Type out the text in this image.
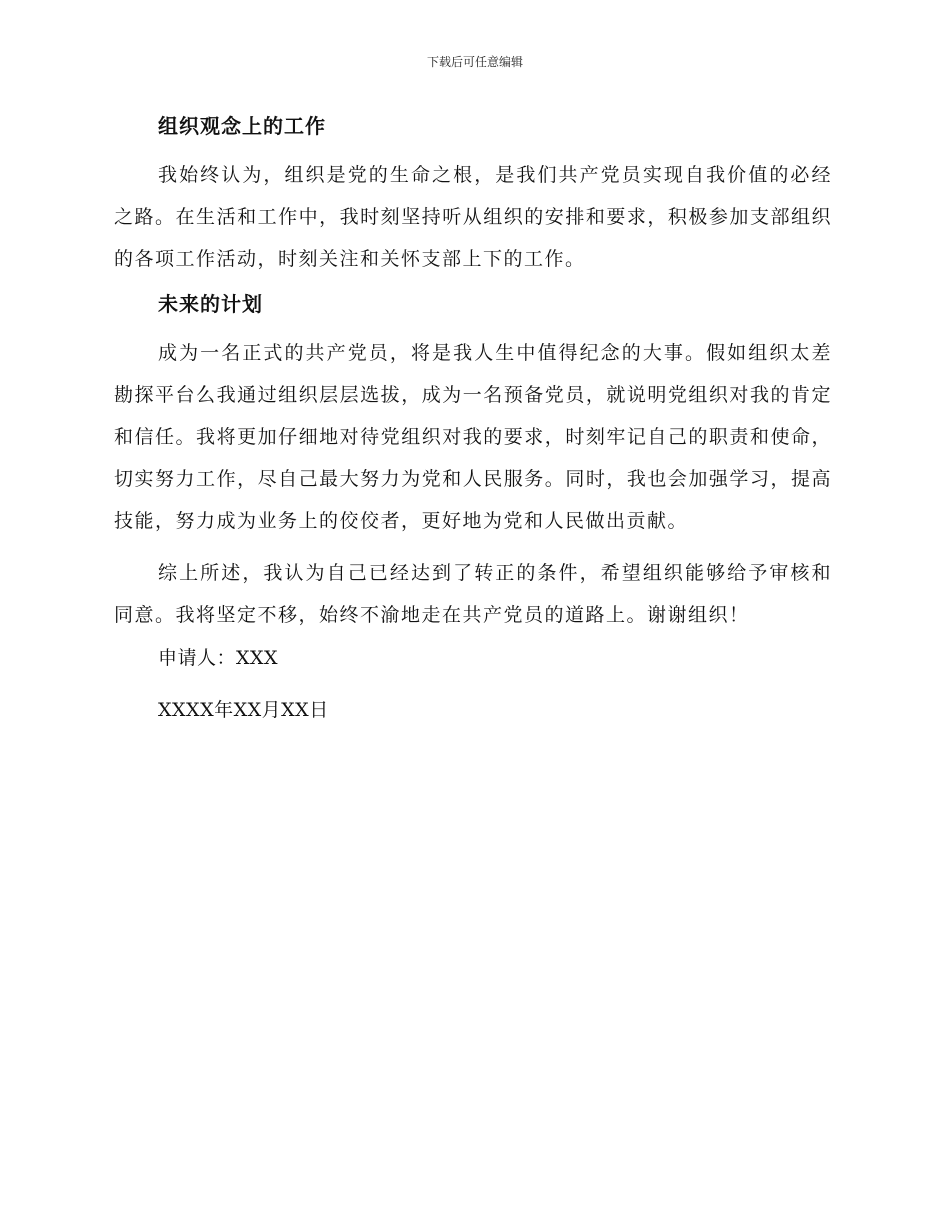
下载后可任意编辑
组织观念上的工作

我始终认为，组织是党的生命之根，是我们共产党员实现自我价值的必经之路。在生活和工作中，我时刻坚持听从组织的安排和要求，积极参加支部组织的各项工作活动，时刻关注和关怀支部上下的工作。

未来的计划

成为一名正式的共产党员，将是我人生中值得纪念的大事。假如组织太差勘探平台么我通过组织层层选拔，成为一名预备党员，就说明党组织对我的肯定和信任。我将更加仔细地对待党组织对我的要求，时刻牢记自己的职责和使命，切实努力工作，尽自己最大努力为党和人民服务。同时，我也会加强学习，提高技能，努力成为业务上的佼佼者，更好地为党和人民做出贡献。

综上所述，我认为自己已经达到了转正的条件，希望组织能够给予审核和同意。我将坚定不移，始终不渝地走在共产党员的道路上。谢谢组织！

申请人：XXX
XXXX年XX月XX日
